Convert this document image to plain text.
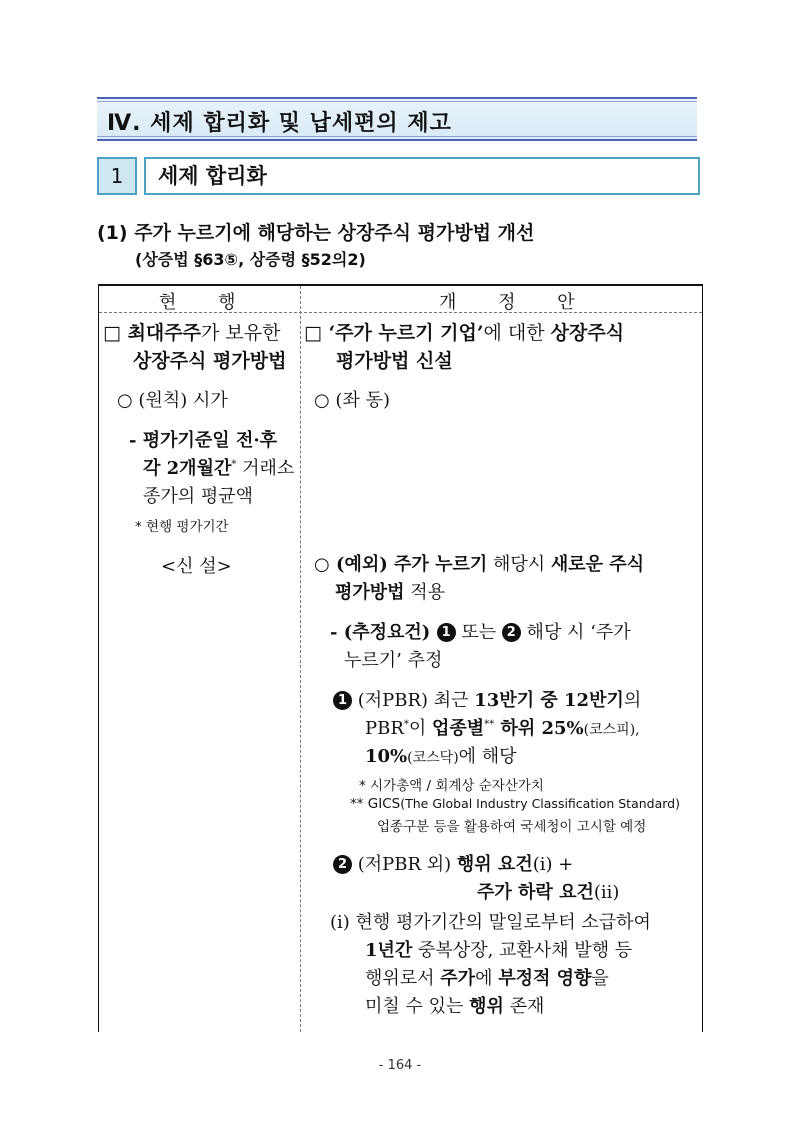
Ⅳ. 세제 합리화 및 납세편의 제고
1	세제 합리화
(1) 주가 누르기에 해당하는 상장주식 평가방법 개선
(상증법 §63⑤, 상증령 §52의2)
현 행	개 정 안
□ 최대주주가 보유한
상장주식 평가방법
○ (원칙) 시가
- 평가기준일 전·후
각 2개월간* 거래소
종가의 평균액
* 현행 평가기간
<신 설>
□ ‘주가 누르기 기업’에 대한 상장주식
평가방법 신설
○ (좌 동)
○ (예외) 주가 누르기 해당시 새로운 주식
평가방법 적용
- (추정요건) 1 또는 2 해당 시 ‘주가
누르기’ 추정
1 (저PBR) 최근 13반기 중 12반기의
PBR*이 업종별** 하위 25%(코스피),
10%(코스닥)에 해당
* 시가총액 / 회계상 순자산가치
** GICS(The Global Industry Classification Standard)
업종구분 등을 활용하여 국세청이 고시할 예정
2 (저PBR 외) 행위 요건(ⅰ) +
주가 하락 요건(ⅱ)
(ⅰ) 현행 평가기간의 말일로부터 소급하여
1년간 중복상장, 교환사채 발행 등
행위로서 주가에 부정적 영향을
미칠 수 있는 행위 존재
- 164 -
